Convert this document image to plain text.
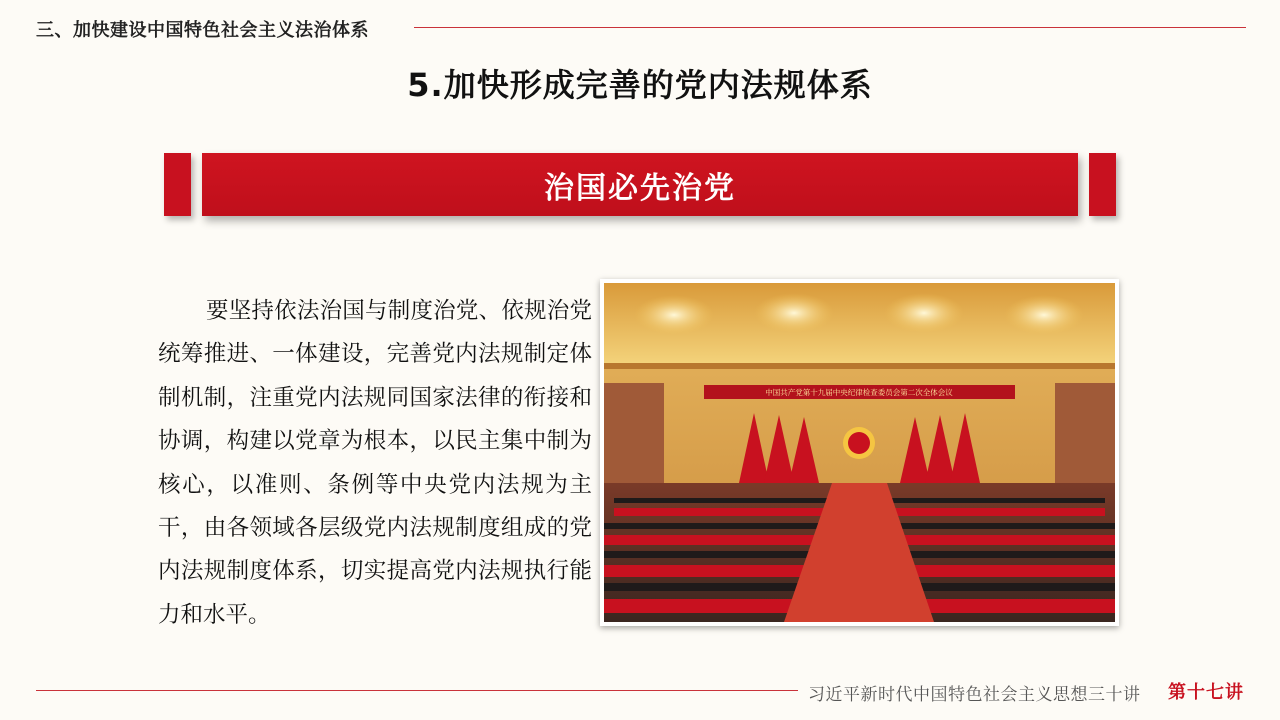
三、加快建设中国特色社会主义法治体系
5.加快形成完善的党内法规体系
治国必先治党

要坚持依法治国与制度治党、依规治党统筹推进、一体建设，完善党内法规制定体制机制，注重党内法规同国家法律的衔接和协调，构建以党章为根本，以民主集中制为核心，以准则、条例等中央党内法规为主干，由各领域各层级党内法规制度组成的党内法规制度体系，切实提高党内法规执行能力和水平。

中国共产党第十九届中央纪律检查委员会第二次全体会议
习近平新时代中国特色社会主义思想三十讲 第十七讲
